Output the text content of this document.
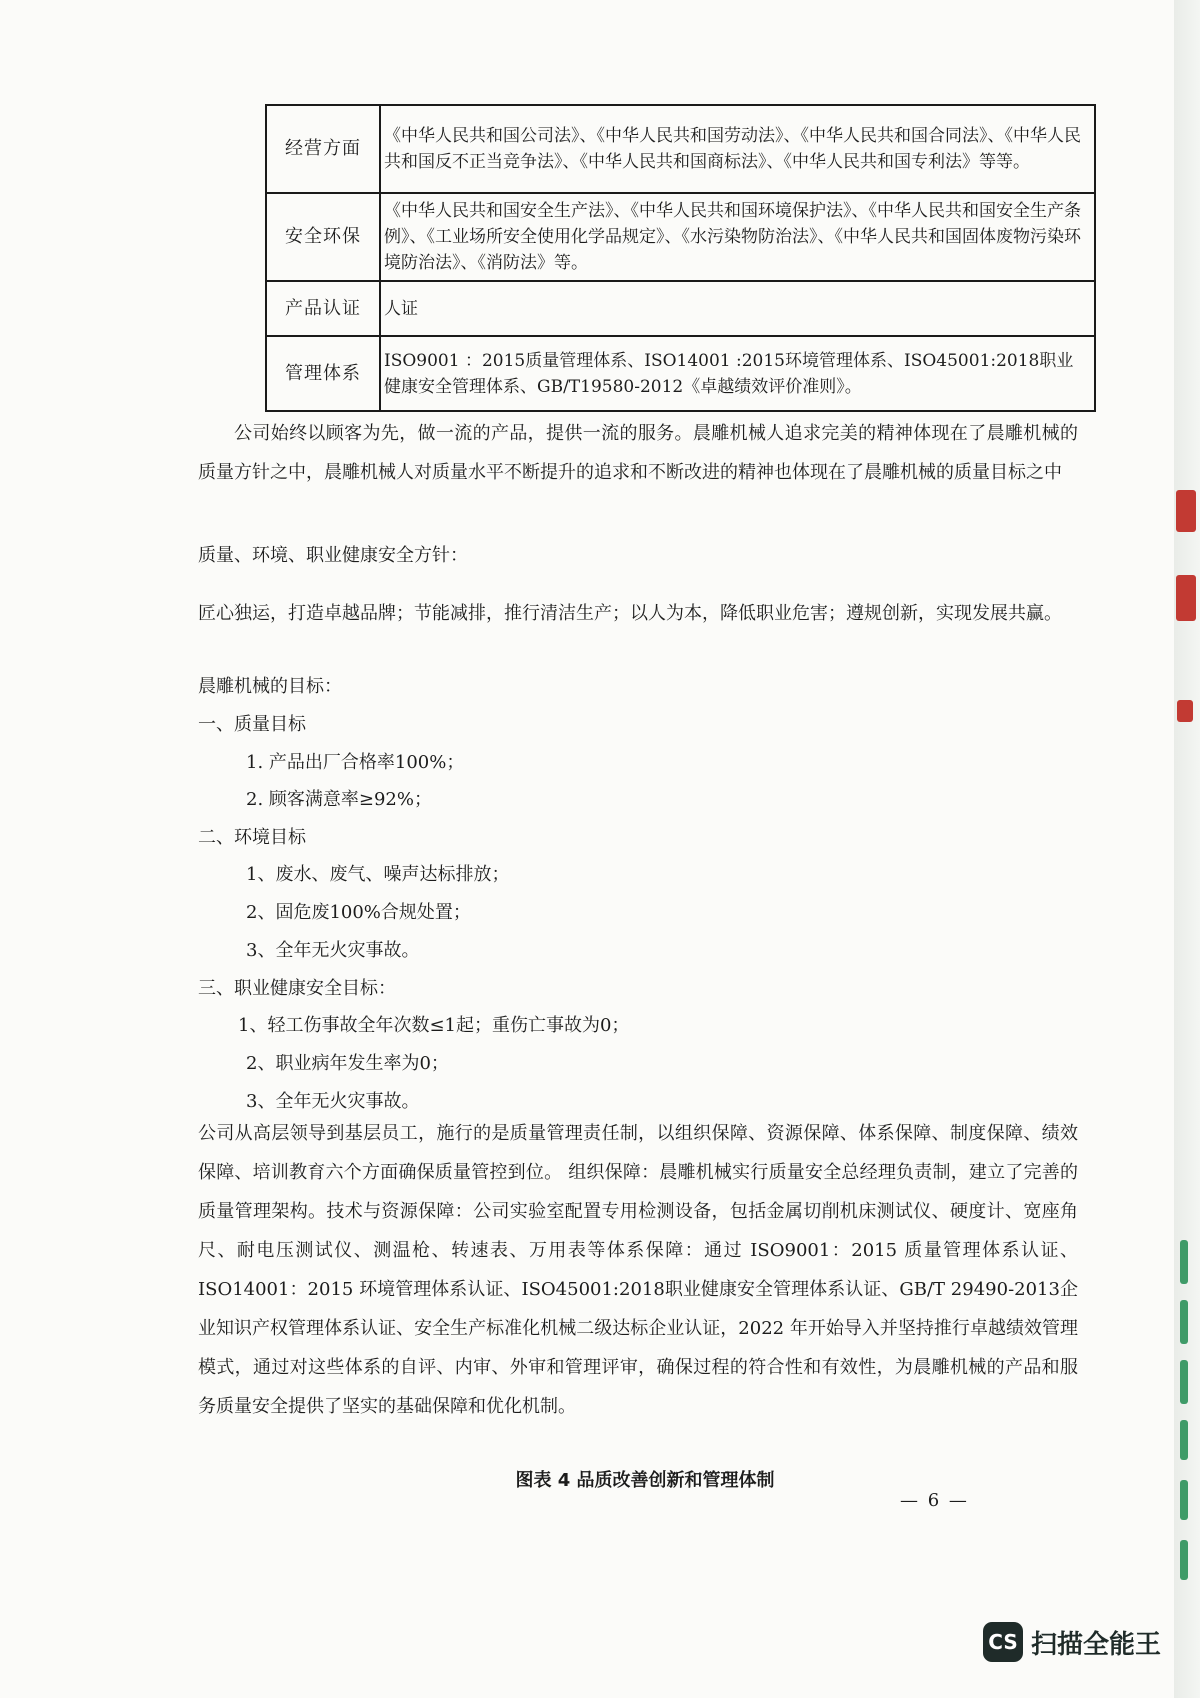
经营方面	《中华人民共和国公司法》、《中华人民共和国劳动法》、《中华人民共和国合同法》、《中华人民共和国反不正当竞争法》、《中华人民共和国商标法》、《中华人民共和国专利法》等等。
安全环保	《中华人民共和国安全生产法》、《中华人民共和国环境保护法》、《中华人民共和国安全生产条例》、《工业场所安全使用化学品规定》、《水污染物防治法》、《中华人民共和国固体废物污染环境防治法》、《消防法》等。
产品认证	人证
管理体系	ISO9001 ：2015质量管理体系、ISO14001 :2015环境管理体系、ISO45001:2018职业健康安全管理体系、GB/T19580-2012《卓越绩效评价准则》。

公司始终以顾客为先，做一流的产品，提供一流的服务。晨雕机械人追求完美的精神体现在了晨雕机械的质量方针之中，晨雕机械人对质量水平不断提升的追求和不断改进的精神也体现在了晨雕机械的质量目标之中

质量、环境、职业健康安全方针：
匠心独运，打造卓越品牌；节能减排，推行清洁生产；以人为本，降低职业危害；遵规创新，实现发展共赢。
晨雕机械的目标：
一、质量目标
1. 产品出厂合格率100%；
2. 顾客满意率≥92%；
二、环境目标
1、废水、废气、噪声达标排放；
2、固危废100%合规处置；
3、全年无火灾事故。
三、职业健康安全目标：
1、轻工伤事故全年次数≤1起；重伤亡事故为0；
2、职业病年发生率为0；
3、全年无火灾事故。

公司从高层领导到基层员工，施行的是质量管理责任制，以组织保障、资源保障、体系保障、制度保障、绩效保障、培训教育六个方面确保质量管控到位。 组织保障：晨雕机械实行质量安全总经理负责制，建立了完善的质量管理架构。技术与资源保障：公司实验室配置专用检测设备，包括金属切削机床测试仪、硬度计、宽座角尺、耐电压测试仪、测温枪、转速表、万用表等体系保障：通过 ISO9001：2015 质量管理体系认证、ISO14001：2015 环境管理体系认证、ISO45001:2018职业健康安全管理体系认证、GB/T 29490-2013企业知识产权管理体系认证、安全生产标准化机械二级达标企业认证，2022 年开始导入并坚持推行卓越绩效管理模式，通过对这些体系的自评、内审、外审和管理评审，确保过程的符合性和有效性，为晨雕机械的产品和服务质量安全提供了坚实的基础保障和优化机制。

图表 4 品质改善创新和管理体制
— 6 —
CS 扫描全能王
